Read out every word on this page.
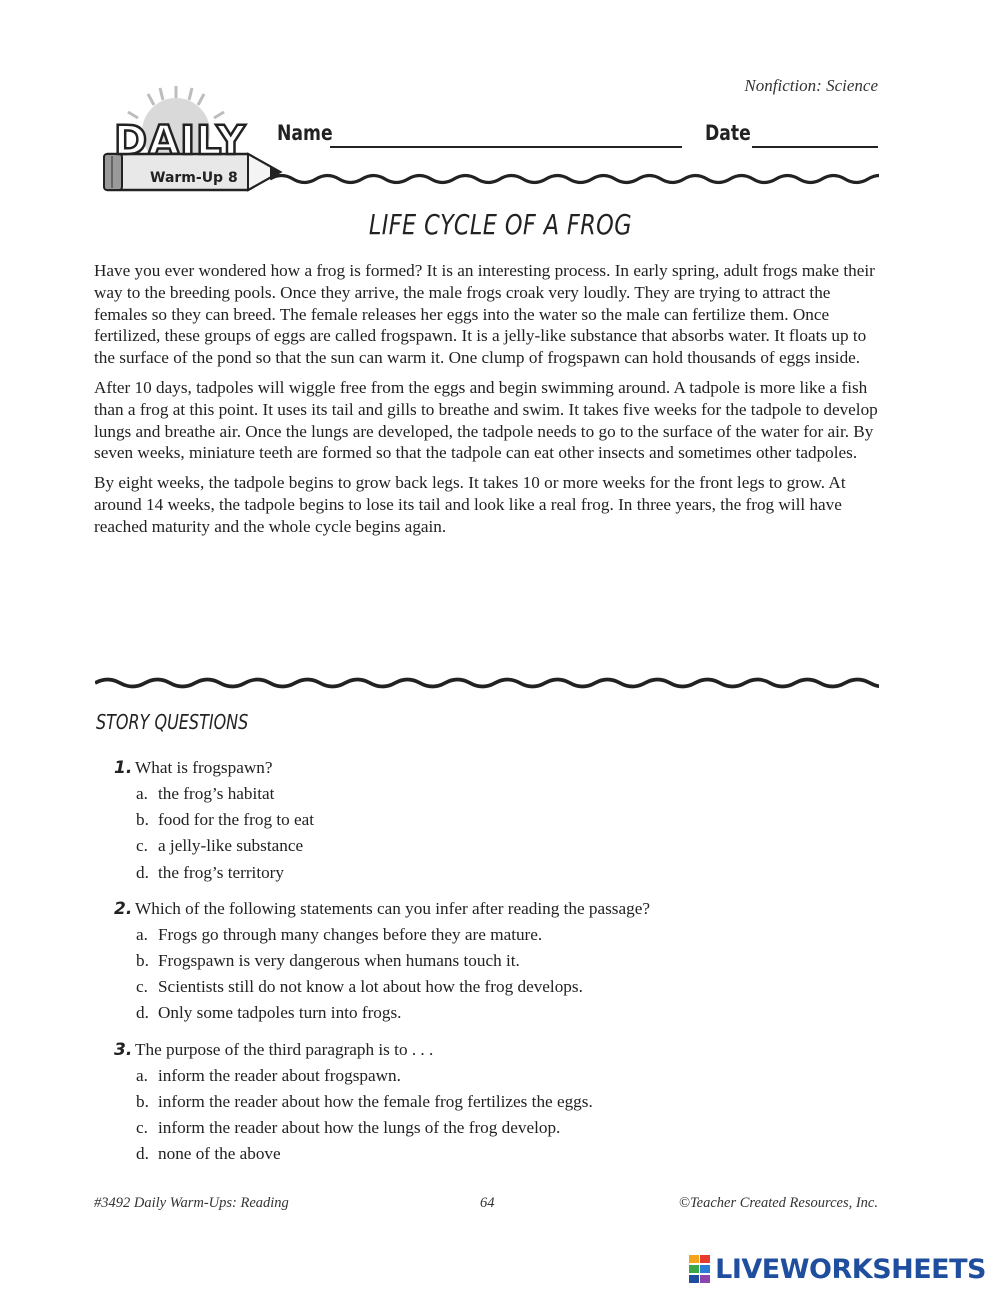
Nonfiction: Science
DAILY
Warm-Up 8
Name	Date
LIFE CYCLE OF A FROG

Have you ever wondered how a frog is formed? It is an interesting process. In early spring, adult frogs make their way to the breeding pools. Once they arrive, the male frogs croak very loudly. They are trying to attract the females so they can breed. The female releases her eggs into the water so the male can fertilize them. Once fertilized, these groups of eggs are called frogspawn. It is a jelly-like substance that absorbs water. It floats up to the surface of the pond so that the sun can warm it. One clump of frogspawn can hold thousands of eggs inside.

After 10 days, tadpoles will wiggle free from the eggs and begin swimming around. A tadpole is more like a fish than a frog at this point. It uses its tail and gills to breathe and swim. It takes five weeks for the tadpole to develop lungs and breathe air. Once the lungs are developed, the tadpole needs to go to the surface of the water for air. By seven weeks, miniature teeth are formed so that the tadpole can eat other insects and sometimes other tadpoles.

By eight weeks, the tadpole begins to grow back legs. It takes 10 or more weeks for the front legs to grow. At around 14 weeks, the tadpole begins to lose its tail and look like a real frog. In three years, the frog will have reached maturity and the whole cycle begins again.

STORY QUESTIONS
1. What is frogspawn?
a. the frog’s habitat
b. food for the frog to eat
c. a jelly-like substance
d. the frog’s territory
2. Which of the following statements can you infer after reading the passage?
a. Frogs go through many changes before they are mature.
b. Frogspawn is very dangerous when humans touch it.
c. Scientists still do not know a lot about how the frog develops.
d. Only some tadpoles turn into frogs.
3. The purpose of the third paragraph is to . . .
a. inform the reader about frogspawn.
b. inform the reader about how the female frog fertilizes the eggs.
c. inform the reader about how the lungs of the frog develop.
d. none of the above
#3492 Daily Warm-Ups: Reading	64	©Teacher Created Resources, Inc.
LIVEWORKSHEETS
